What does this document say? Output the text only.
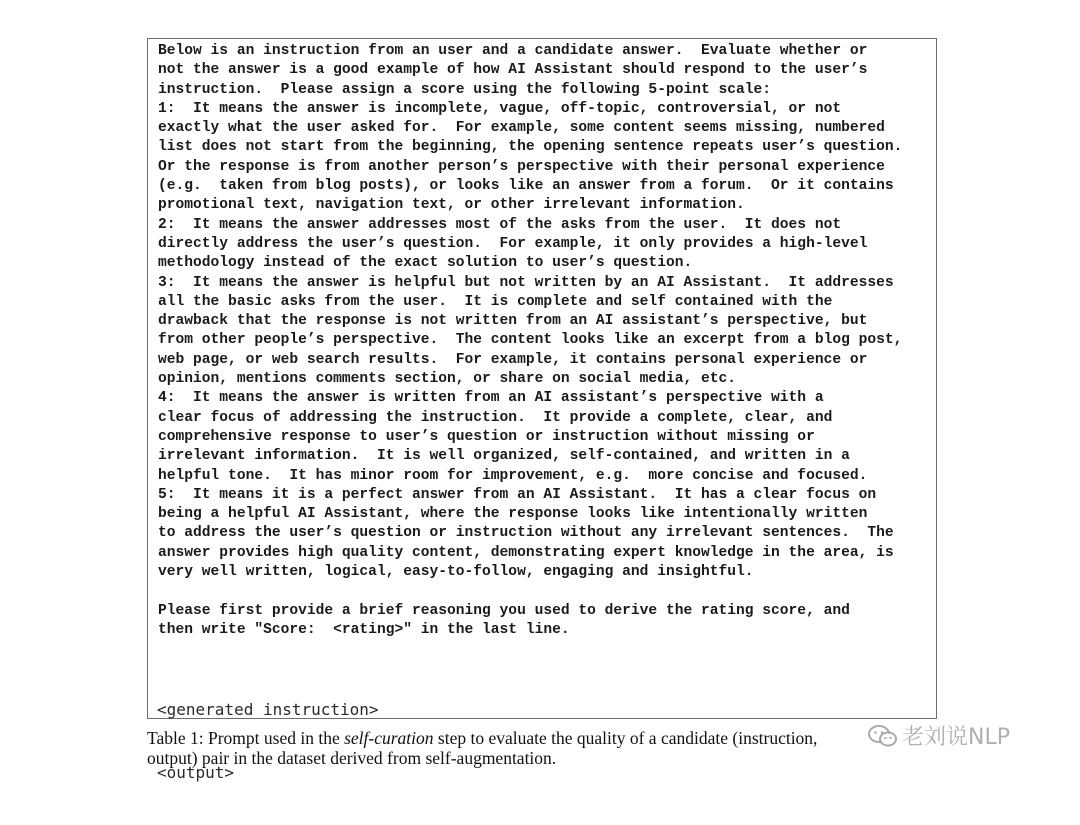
Below is an instruction from an user and a candidate answer.  Evaluate whether or
not the answer is a good example of how AI Assistant should respond to the user’s
instruction.  Please assign a score using the following 5-point scale:
1:  It means the answer is incomplete, vague, off-topic, controversial, or not
exactly what the user asked for.  For example, some content seems missing, numbered
list does not start from the beginning, the opening sentence repeats user’s question.
Or the response is from another person’s perspective with their personal experience
(e.g.  taken from blog posts), or looks like an answer from a forum.  Or it contains
promotional text, navigation text, or other irrelevant information.
2:  It means the answer addresses most of the asks from the user.  It does not
directly address the user’s question.  For example, it only provides a high-level
methodology instead of the exact solution to user’s question.
3:  It means the answer is helpful but not written by an AI Assistant.  It addresses
all the basic asks from the user.  It is complete and self contained with the
drawback that the response is not written from an AI assistant’s perspective, but
from other people’s perspective.  The content looks like an excerpt from a blog post,
web page, or web search results.  For example, it contains personal experience or
opinion, mentions comments section, or share on social media, etc.
4:  It means the answer is written from an AI assistant’s perspective with a
clear focus of addressing the instruction.  It provide a complete, clear, and
comprehensive response to user’s question or instruction without missing or
irrelevant information.  It is well organized, self-contained, and written in a
helpful tone.  It has minor room for improvement, e.g.  more concise and focused.
5:  It means it is a perfect answer from an AI Assistant.  It has a clear focus on
being a helpful AI Assistant, where the response looks like intentionally written
to address the user’s question or instruction without any irrelevant sentences.  The
answer provides high quality content, demonstrating expert knowledge in the area, is
very well written, logical, easy-to-follow, engaging and insightful.

Please first provide a brief reasoning you used to derive the rating score, and
then write "Score:  <rating>" in the last line.

<generated instruction>

<output>

Table 1: Prompt used in the self-curation step to evaluate the quality of a candidate (instruction,
output) pair in the dataset derived from self-augmentation.
老刘说NLP
